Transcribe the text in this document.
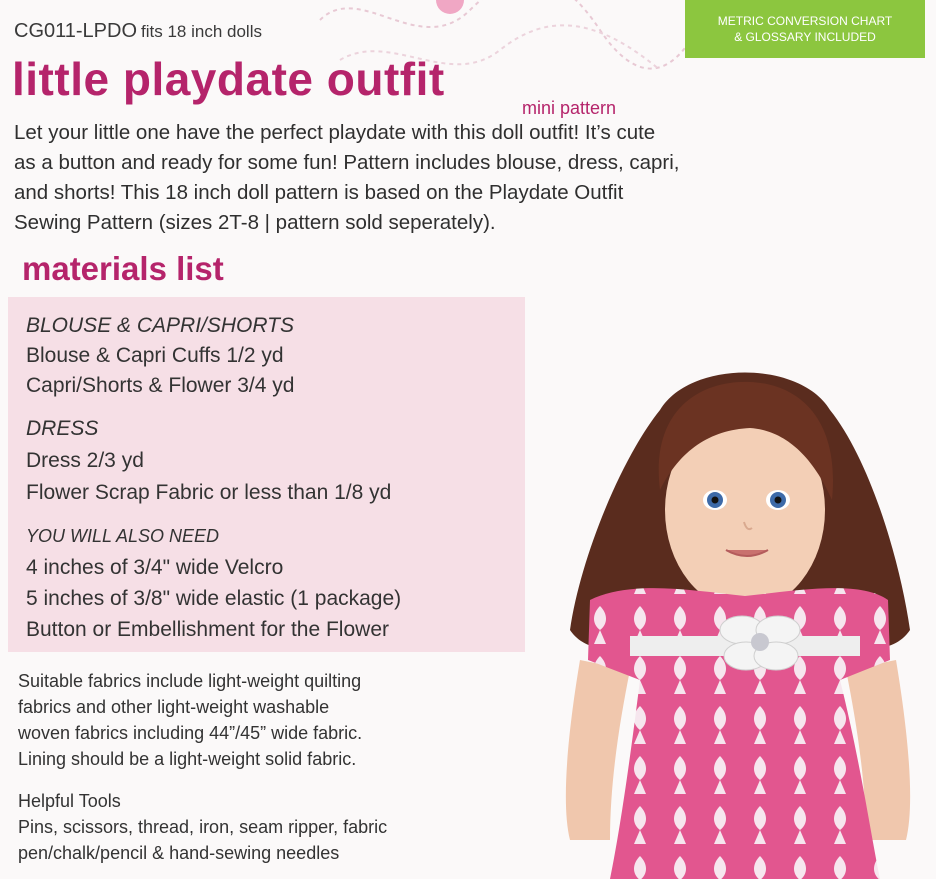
METRIC CONVERSION CHART
& GLOSSARY INCLUDED
CG011-LPDO fits 18 inch dolls
little playdate outfit
mini pattern
Let your little one have the perfect playdate with this doll outfit! It’s cute
as a button and ready for some fun! Pattern includes blouse, dress, capri,
and shorts! This 18 inch doll pattern is based on the Playdate Outfit
Sewing Pattern (sizes 2T-8 | pattern sold seperately).
materials list
BLOUSE & CAPRI/SHORTS
Blouse & Capri Cuffs 1/2 yd
Capri/Shorts & Flower 3/4 yd
DRESS
Dress 2/3 yd
Flower Scrap Fabric or less than 1/8 yd
YOU WILL ALSO NEED
4 inches of 3/4" wide Velcro
5 inches of 3/8" wide elastic (1 package)
Button or Embellishment for the Flower
Suitable fabrics include light-weight quilting
fabrics and other light-weight washable
woven fabrics including 44”/45” wide fabric.
Lining should be a light-weight solid fabric.
Helpful Tools
Pins, scissors, thread, iron, seam ripper, fabric
pen/chalk/pencil & hand-sewing needles
